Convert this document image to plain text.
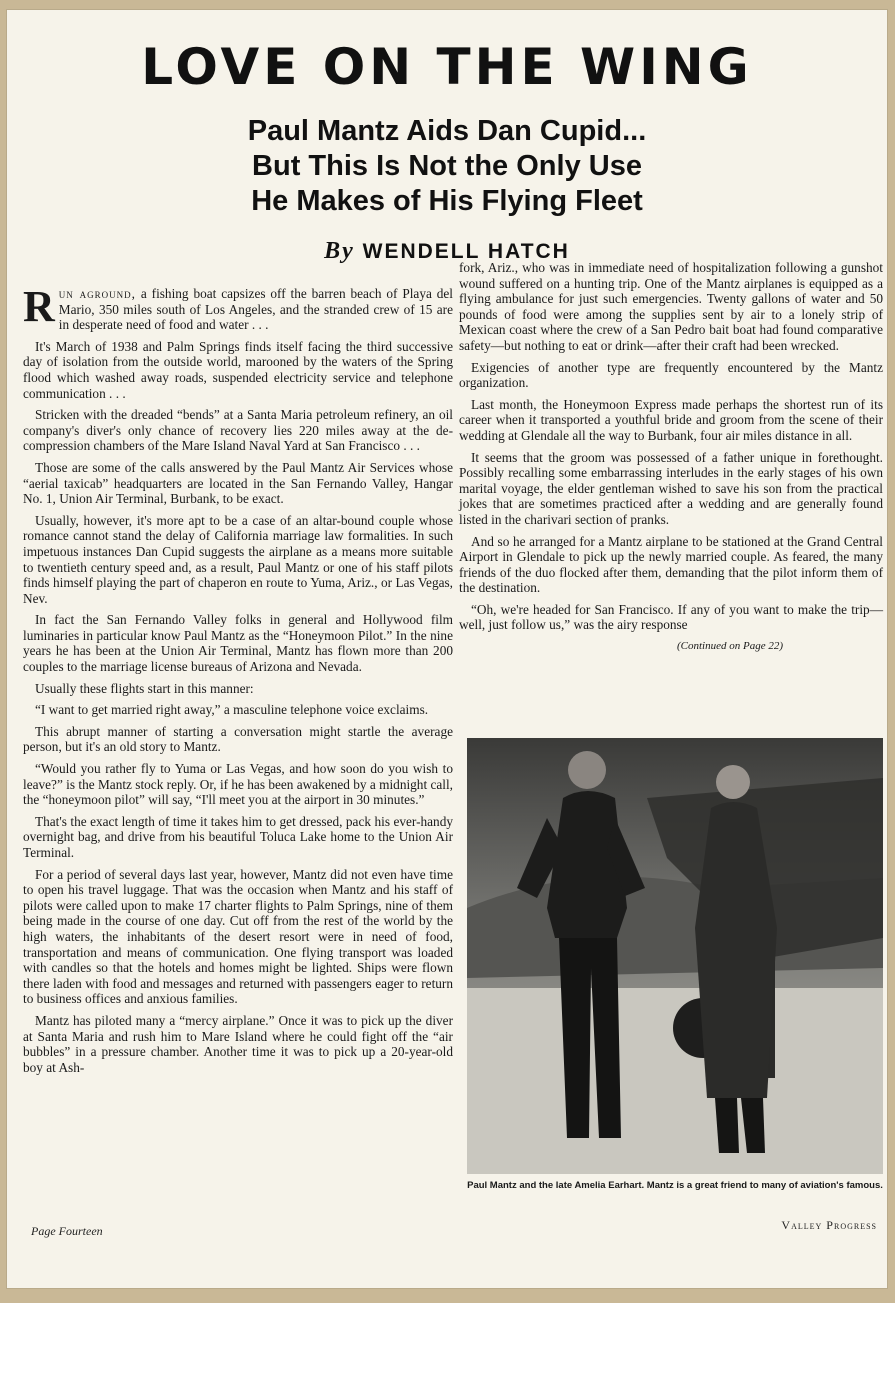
LOVE ON THE WING
Paul Mantz Aids Dan Cupid...
But This Is Not the Only Use
He Makes of His Flying Fleet
By WENDELL HATCH

Run aground, a fishing boat capsizes off the barren beach of Playa del Mario, 350 miles south of Los Angeles, and the stranded crew of 15 are in desperate need of food and water . . .

It's March of 1938 and Palm Springs finds itself facing the third successive day of isolation from the outside world, marooned by the waters of the Spring flood which washed away roads, suspended electricity service and telephone communication . . .

Stricken with the dreaded “bends” at a Santa Maria petroleum refinery, an oil company's diver's only chance of recovery lies 220 miles away at the de-compression chambers of the Mare Island Naval Yard at San Francisco . . .

Those are some of the calls answered by the Paul Mantz Air Services whose “aerial taxicab” headquarters are located in the San Fernando Valley, Hangar No. 1, Union Air Terminal, Burbank, to be exact.

Usually, however, it's more apt to be a case of an altar-bound couple whose romance cannot stand the delay of California marriage law formalities. In such impetuous instances Dan Cupid suggests the airplane as a means more suitable to twentieth century speed and, as a result, Paul Mantz or one of his staff pilots finds himself playing the part of chaperon en route to Yuma, Ariz., or Las Vegas, Nev.

In fact the San Fernando Valley folks in general and Hollywood film luminaries in particular know Paul Mantz as the “Honeymoon Pilot.” In the nine years he has been at the Union Air Terminal, Mantz has flown more than 200 couples to the marriage license bureaus of Arizona and Nevada.

Usually these flights start in this manner:

“I want to get married right away,” a masculine telephone voice exclaims.

This abrupt manner of starting a conversation might startle the average person, but it's an old story to Mantz.

“Would you rather fly to Yuma or Las Vegas, and how soon do you wish to leave?” is the Mantz stock reply. Or, if he has been awakened by a midnight call, the “honeymoon pilot” will say, “I'll meet you at the airport in 30 minutes.”

That's the exact length of time it takes him to get dressed, pack his ever-handy overnight bag, and drive from his beautiful Toluca Lake home to the Union Air Terminal.

For a period of several days last year, however, Mantz did not even have time to open his travel luggage. That was the occasion when Mantz and his staff of pilots were called upon to make 17 charter flights to Palm Springs, nine of them being made in the course of one day. Cut off from the rest of the world by the high waters, the inhabitants of the desert resort were in need of food, transportation and means of communication. One flying transport was loaded with candles so that the hotels and homes might be lighted. Ships were flown there laden with food and messages and returned with passengers eager to return to business offices and anxious families.

Mantz has piloted many a “mercy airplane.” Once it was to pick up the diver at Santa Maria and rush him to Mare Island where he could fight off the “air bubbles” in a pressure chamber. Another time it was to pick up a 20-year-old boy at Ash-

fork, Ariz., who was in immediate need of hospitalization following a gunshot wound suffered on a hunting trip. One of the Mantz airplanes is equipped as a flying ambulance for just such emergencies. Twenty gallons of water and 50 pounds of food were among the supplies sent by air to a lonely strip of Mexican coast where the crew of a San Pedro bait boat had found comparative safety—but nothing to eat or drink—after their craft had been wrecked.

Exigencies of another type are frequently encountered by the Mantz organization.

Last month, the Honeymoon Express made perhaps the shortest run of its career when it transported a youthful bride and groom from the scene of their wedding at Glendale all the way to Burbank, four air miles distance in all.

It seems that the groom was possessed of a father unique in forethought. Possibly recalling some embarrassing interludes in the early stages of his own marital voyage, the elder gentleman wished to save his son from the practical jokes that are sometimes practiced after a wedding and are generally found listed in the charivari section of pranks.

And so he arranged for a Mantz airplane to be stationed at the Grand Central Airport in Glendale to pick up the newly married couple. As feared, the many friends of the duo flocked after them, demanding that the pilot inform them of the destination.

“Oh, we're headed for San Francisco. If any of you want to make the trip—well, just follow us,” was the airy response

(Continued on Page 22)

Paul Mantz and the late Amelia Earhart. Mantz is a great friend to many of aviation's famous.
Page Fourteen	Valley Progress
